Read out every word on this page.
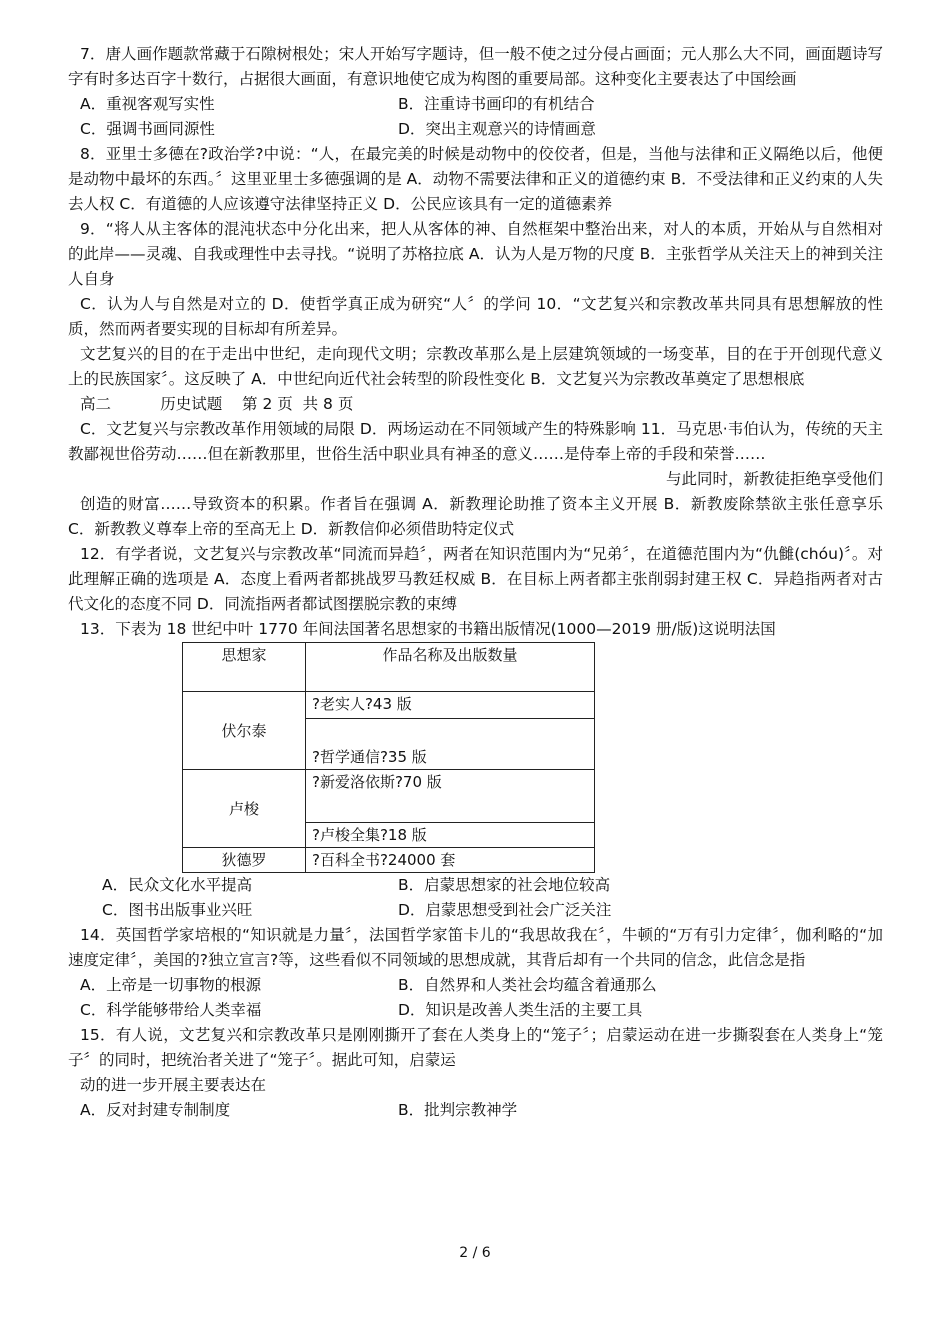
7．唐人画作题款常藏于石隙树根处；宋人开始写字题诗，但一般不使之过分侵占画面；元人那么大不同，画面题诗写字有时多达百字十数行，占据很大画面，有意识地使它成为构图的重要局部。这种变化主要表达了中国绘画

A．重视客观写实性	B．注重诗书画印的有机结合
C．强调书画同源性	D．突出主观意兴的诗情画意

8．亚里士多德在?政治学?中说：“人，在最完美的时候是动物中的佼佼者，但是，当他与法律和正义隔绝以后，他便是动物中最坏的东西。〞这里亚里士多德强调的是 A．动物不需要法律和正义的道德约束 B．不受法律和正义约束的人失去人权 C．有道德的人应该遵守法律坚持正义 D．公民应该具有一定的道德素养

9．“将人从主客体的混沌状态中分化出来，把人从客体的神、自然框架中整治出来，对人的本质，开始从与自然相对的此岸——灵魂、自我或理性中去寻找。“说明了苏格拉底 A．认为人是万物的尺度 B．主张哲学从关注天上的神到关注人自身

C．认为人与自然是对立的 D．使哲学真正成为研究“人〞的学问 10．“文艺复兴和宗教改革共同具有思想解放的性质，然而两者要实现的目标却有所差异。

文艺复兴的目的在于走出中世纪，走向现代文明；宗教改革那么是上层建筑领域的一场变革，目的在于开创现代意义上的民族国家〞。这反映了 A．中世纪向近代社会转型的阶段性变化 B．文艺复兴为宗教改革奠定了思想根底

高二	历史试题 第 2 页  共 8 页

C．文艺复兴与宗教改革作用领域的局限 D．两场运动在不同领域产生的特殊影响 11．马克思·韦伯认为，传统的天主教鄙视世俗劳动……但在新教那里，世俗生活中职业具有神圣的意义……是侍奉上帝的手段和荣誉……

与此同时，新教徒拒绝享受他们

创造的财富……导致资本的积累。作者旨在强调 A．新教理论助推了资本主义开展 B．新教废除禁欲主张任意享乐 C．新教教义尊奉上帝的至高无上 D．新教信仰必须借助特定仪式

12．有学者说，文艺复兴与宗教改革“同流而异趋〞，两者在知识范围内为“兄弟〞，在道德范围内为“仇雠(chóu)〞。对此理解正确的选项是 A．态度上看两者都挑战罗马教廷权威 B．在目标上两者都主张削弱封建王权 C．异趋指两者对古代文化的态度不同 D．同流指两者都试图摆脱宗教的束缚

13．下表为 18 世纪中叶 1770 年间法国著名思想家的书籍出版情况(1000—2019 册/版)这说明法国

思想家	作品名称及出版数量
伏尔泰	?老实人?43 版
	?哲学通信?35 版
卢梭	?新爱洛依斯?70 版
	?卢梭全集?18 版
狄德罗	?百科全书?24000 套
A．民众文化水平提高	B．启蒙思想家的社会地位较高
C．图书出版事业兴旺	D．启蒙思想受到社会广泛关注

14．英国哲学家培根的“知识就是力量〞，法国哲学家笛卡儿的“我思故我在〞，牛顿的“万有引力定律〞，伽利略的“加速度定律〞，美国的?独立宣言?等，这些看似不同领域的思想成就，其背后却有一个共同的信念，此信念是指

A．上帝是一切事物的根源	B．自然界和人类社会均蕴含着通那么
C．科学能够带给人类幸福	D．知识是改善人类生活的主要工具

15．有人说，文艺复兴和宗教改革只是刚刚撕开了套在人类身上的“笼子〞；启蒙运动在进一步撕裂套在人类身上“笼子〞的同时，把统治者关进了“笼子〞。据此可知，启蒙运

动的进一步开展主要表达在

A．反对封建专制制度	B．批判宗教神学
2 / 6
